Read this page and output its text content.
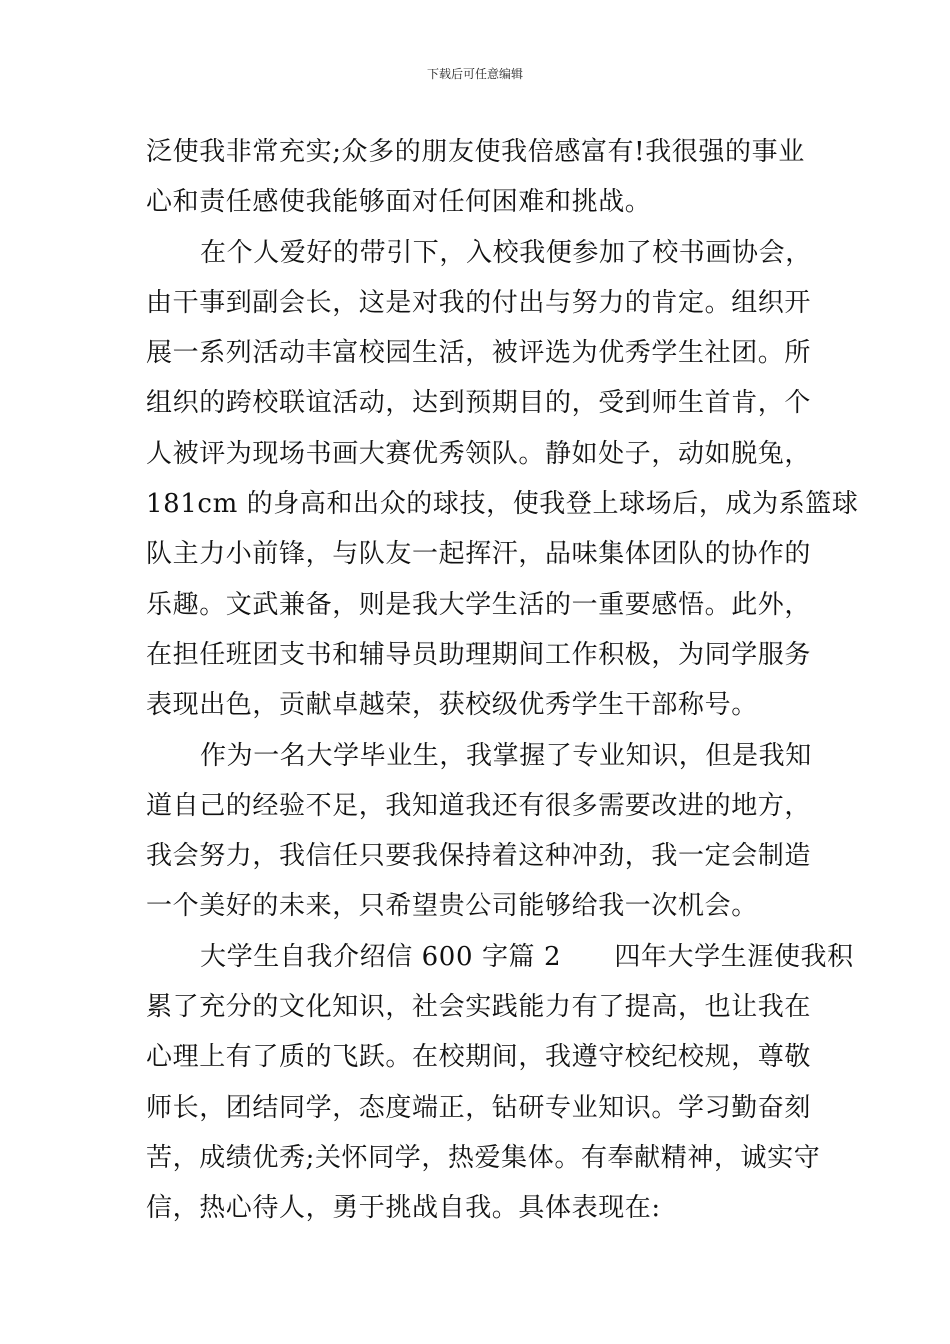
下载后可任意编辑
泛使我非常充实;众多的朋友使我倍感富有!我很强的事业
心和责任感使我能够面对任何困难和挑战。
在个人爱好的带引下，入校我便参加了校书画协会，
由干事到副会长，这是对我的付出与努力的肯定。组织开
展一系列活动丰富校园生活，被评选为优秀学生社团。所
组织的跨校联谊活动，达到预期目的，受到师生首肯，个
人被评为现场书画大赛优秀领队。静如处子，动如脱兔，
181cm 的身高和出众的球技，使我登上球场后，成为系篮球
队主力小前锋，与队友一起挥汗，品味集体团队的协作的
乐趣。文武兼备，则是我大学生活的一重要感悟。此外，
在担任班团支书和辅导员助理期间工作积极，为同学服务
表现出色，贡献卓越荣，获校级优秀学生干部称号。
作为一名大学毕业生，我掌握了专业知识，但是我知
道自己的经验不足，我知道我还有很多需要改进的地方，
我会努力，我信任只要我保持着这种冲劲，我一定会制造
一个美好的未来，只希望贵公司能够给我一次机会。
大学生自我介绍信 600 字篇 2　　四年大学生涯使我积
累了充分的文化知识，社会实践能力有了提高，也让我在
心理上有了质的飞跃。在校期间，我遵守校纪校规，尊敬
师长，团结同学，态度端正，钻研专业知识。学习勤奋刻
苦，成绩优秀;关怀同学，热爱集体。有奉献精神，诚实守
信，热心待人，勇于挑战自我。具体表现在:
